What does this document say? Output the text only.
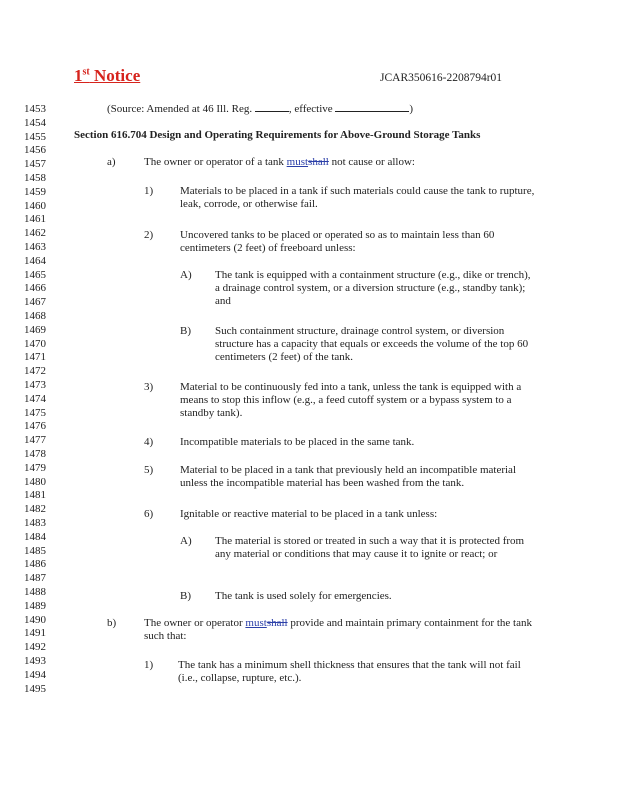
1st Notice	JCAR350616-2208794r01
1453
1454
1455
1456
1457
1458
1459
1460
1461
1462
1463
1464
1465
1466
1467
1468
1469
1470
1471
1472
1473
1474
1475
1476
1477
1478
1479
1480
1481
1482
1483
1484
1485
1486
1487
1488
1489
1490
1491
1492
1493
1494
1495
(Source: Amended at 46 Ill. Reg.	, effective	)
Section 616.704 Design and Operating Requirements for Above-Ground Storage Tanks
a)	The owner or operator of a tank mustshall not cause or allow:
1) Materials to be placed in a tank if such materials could cause the tank to rupture, leak, corrode, or otherwise fail.
2) Uncovered tanks to be placed or operated so as to maintain less than 60 centimeters (2 feet) of freeboard unless:
A) The tank is equipped with a containment structure (e.g., dike or trench), a drainage control system, or a diversion structure (e.g., standby tank); and
B) Such containment structure, drainage control system, or diversion structure has a capacity that equals or exceeds the volume of the top 60 centimeters (2 feet) of the tank.
3) Material to be continuously fed into a tank, unless the tank is equipped with a means to stop this inflow (e.g., a feed cutoff system or a bypass system to a standby tank).
4) Incompatible materials to be placed in the same tank.
5) Material to be placed in a tank that previously held an incompatible material unless the incompatible material has been washed from the tank.
6) Ignitable or reactive material to be placed in a tank unless:
A) The material is stored or treated in such a way that it is protected from any material or conditions that may cause it to ignite or react; or
B) The tank is used solely for emergencies.
b)	The owner or operator mustshall provide and maintain primary containment for the tank such that:
1) The tank has a minimum shell thickness that ensures that the tank will not fail (i.e., collapse, rupture, etc.).
